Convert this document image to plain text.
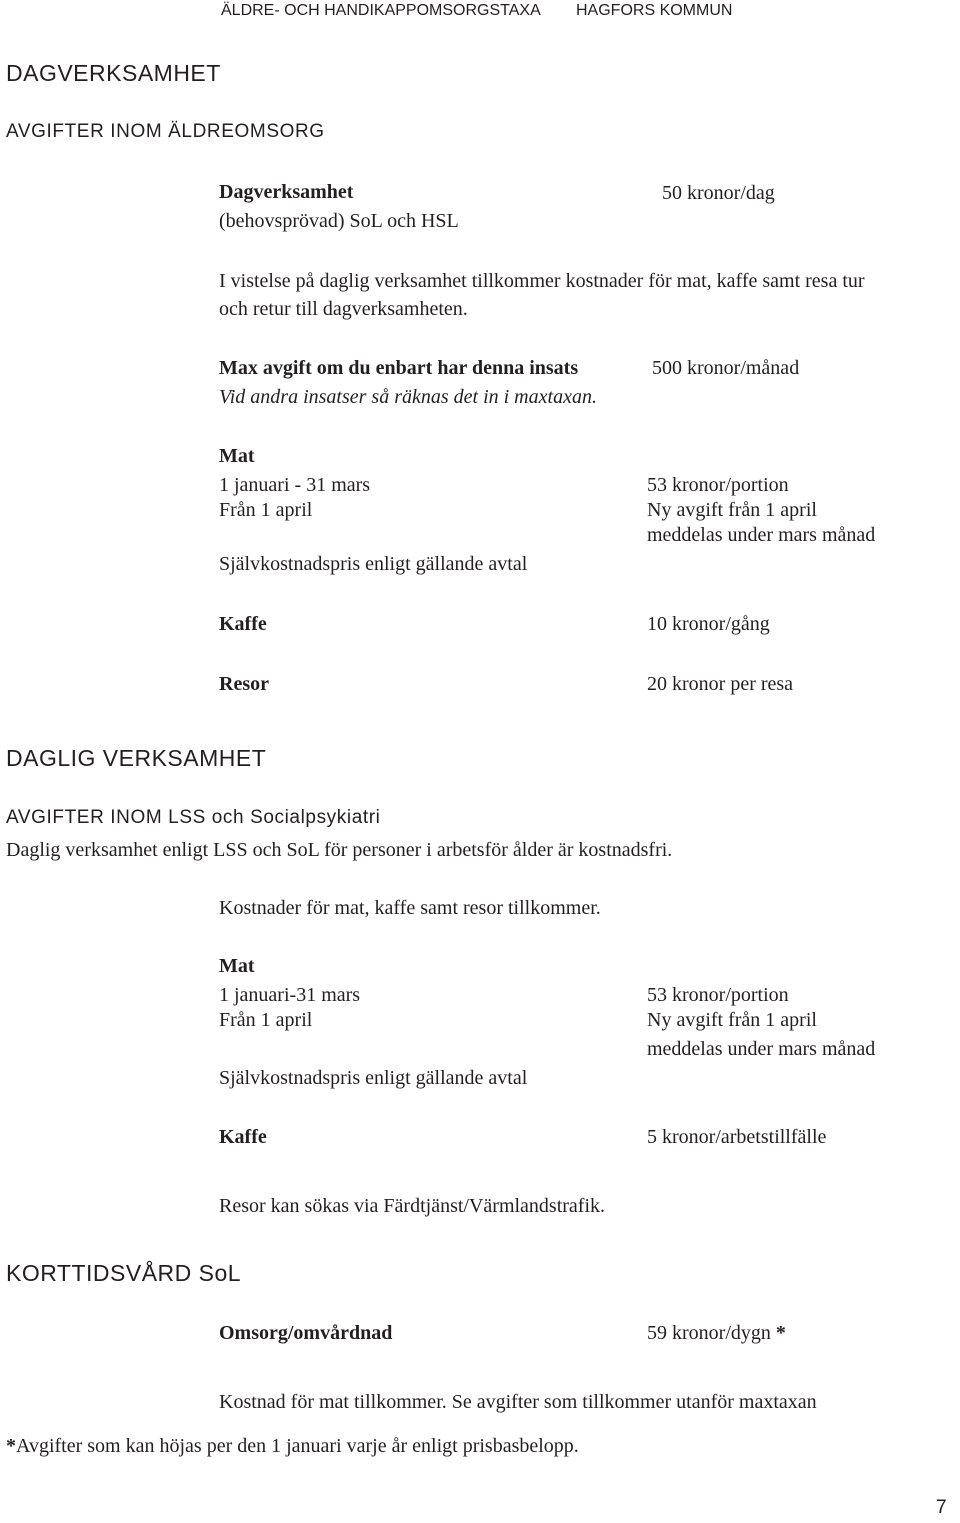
ÄLDRE- OCH HANDIKAPPOMSORGSTAXA HAGFORS KOMMUN
DAGVERKSAMHET
AVGIFTER INOM ÄLDREOMSORG
Dagverksamhet
(behovsprövad) SoL och HSL
50 kronor/dag
I vistelse på daglig verksamhet tillkommer kostnader för mat, kaffe samt resa tur
och retur till dagverksamheten.
Max avgift om du enbart har denna insats	500 kronor/månad
Vid andra insatser så räknas det in i maxtaxan.
Mat
1 januari - 31 mars	53 kronor/portion
Från 1 april	Ny avgift från 1 april
meddelas under mars månad
Självkostnadspris enligt gällande avtal
Kaffe	10 kronor/gång
Resor	20 kronor per resa
DAGLIG VERKSAMHET
AVGIFTER INOM LSS och Socialpsykiatri
Daglig verksamhet enligt LSS och SoL för personer i arbetsför ålder är kostnadsfri.
Kostnader för mat, kaffe samt resor tillkommer.
Mat
1 januari-31 mars	53 kronor/portion
Från 1 april	Ny avgift från 1 april
meddelas under mars månad
Självkostnadspris enligt gällande avtal
Kaffe	5 kronor/arbetstillfälle
Resor kan sökas via Färdtjänst/Värmlandstrafik.
KORTTIDSVÅRD SoL
Omsorg/omvårdnad	59 kronor/dygn *
Kostnad för mat tillkommer. Se avgifter som tillkommer utanför maxtaxan
*Avgifter som kan höjas per den 1 januari varje år enligt prisbasbelopp.
7
